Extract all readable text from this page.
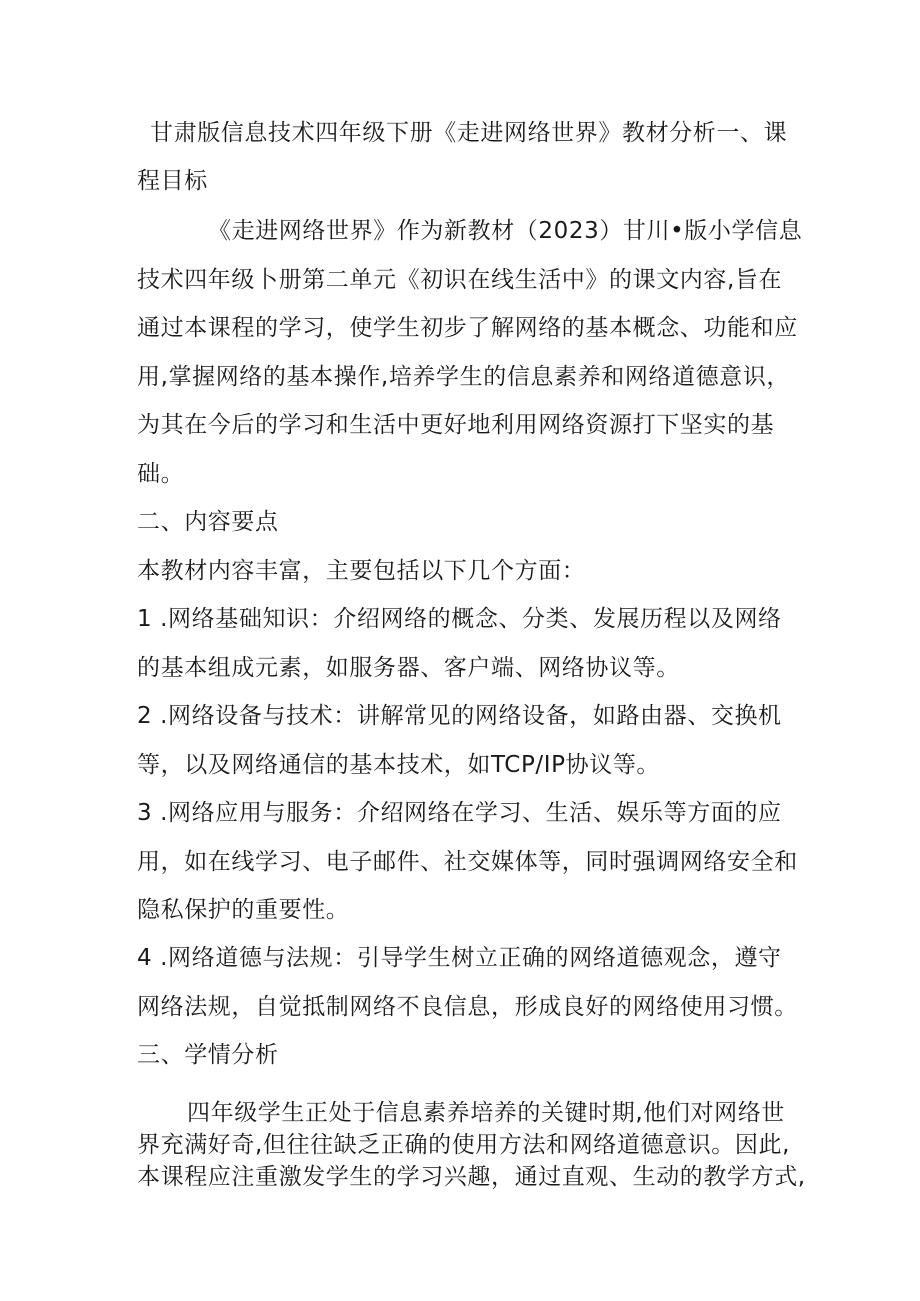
甘肃版信息技术四年级下册《走进网络世界》教材分析一、课
程目标
《走进网络世界》作为新教材（2023）甘川•版小学信息
技术四年级卜册第二单元《初识在线生活中》的课文内容,旨在
通过本课程的学习，使学生初步了解网络的基本概念、功能和应
用,掌握网络的基本操作,培养学生的信息素养和网络道德意识，
为其在今后的学习和生活中更好地利用网络资源打下坚实的基
础。
二、内容要点
本教材内容丰富，主要包括以下几个方面：
1 .网络基础知识：介绍网络的概念、分类、发展历程以及网络
的基本组成元素，如服务器、客户端、网络协议等。
2 .网络设备与技术：讲解常见的网络设备，如路由器、交换机
等，以及网络通信的基本技术，如TCP/IP协议等。
3 .网络应用与服务：介绍网络在学习、生活、娱乐等方面的应
用，如在线学习、电子邮件、社交媒体等，同时强调网络安全和
隐私保护的重要性。
4 .网络道德与法规：引导学生树立正确的网络道德观念，遵守
网络法规，自觉抵制网络不良信息，形成良好的网络使用习惯。
三、学情分析
四年级学生正处于信息素养培养的关键时期,他们对网络世
界充满好奇,但往往缺乏正确的使用方法和网络道德意识。因此,
本课程应注重激发学生的学习兴趣，通过直观、生动的教学方式,
